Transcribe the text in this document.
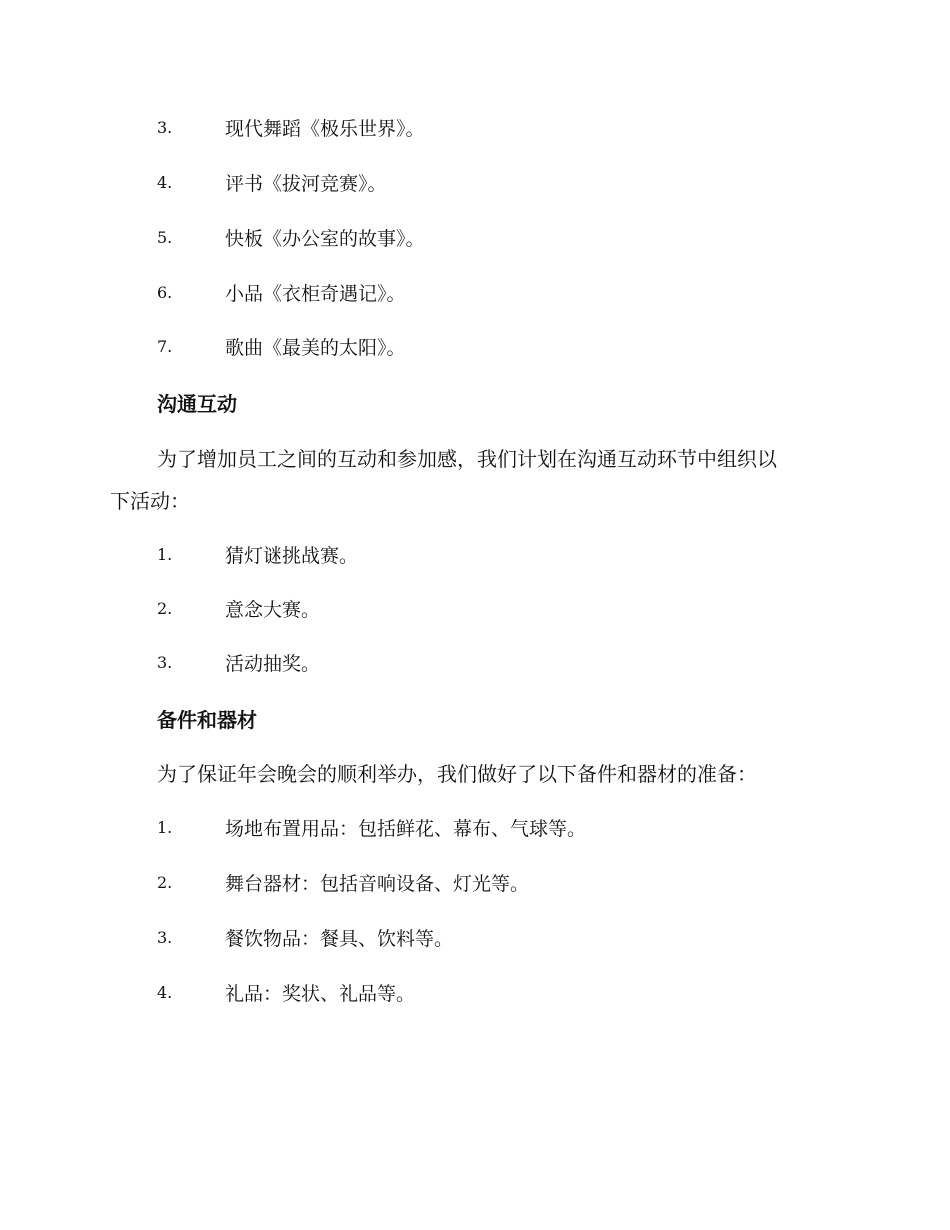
3.	现代舞蹈《极乐世界》。
4.	评书《拔河竞赛》。
5.	快板《办公室的故事》。
6.	小品《衣柜奇遇记》。
7.	歌曲《最美的太阳》。
沟通互动
为了增加员工之间的互动和参加感，我们计划在沟通互动环节中组织以
下活动：
1.	猜灯谜挑战赛。
2.	意念大赛。
3.	活动抽奖。
备件和器材
为了保证年会晚会的顺利举办，我们做好了以下备件和器材的准备：
1.	场地布置用品：包括鲜花、幕布、气球等。
2.	舞台器材：包括音响设备、灯光等。
3.	餐饮物品：餐具、饮料等。
4.	礼品：奖状、礼品等。
